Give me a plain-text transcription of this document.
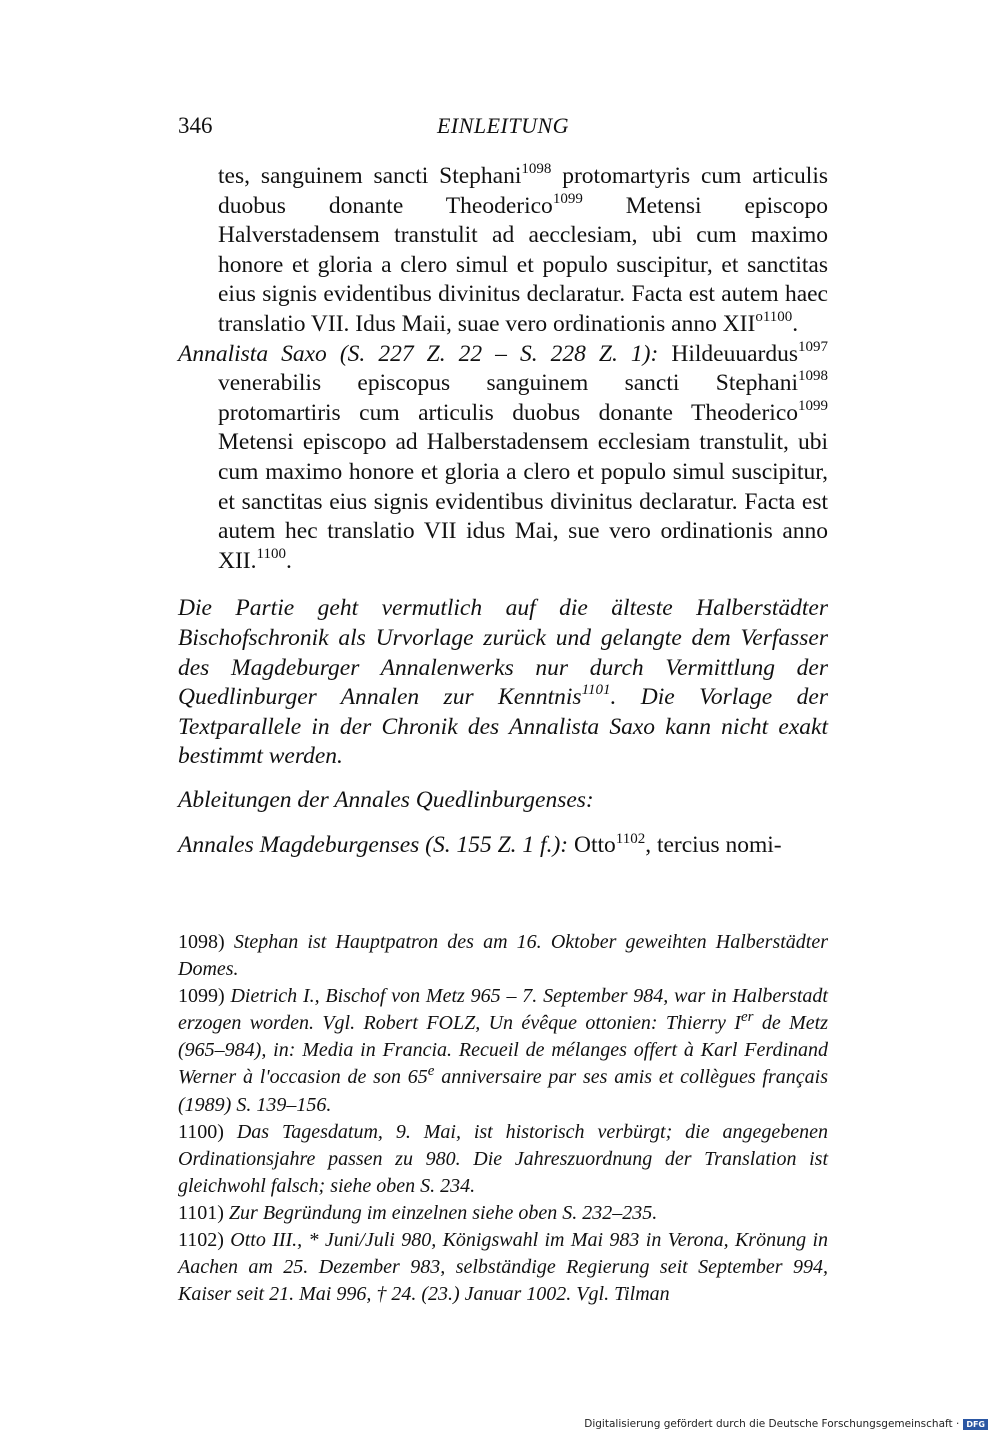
346	EINLEITUNG

tes, sanguinem sancti Stephani$^{1098}$ protomartyris cum articulis duobus donante Theoderico$^{1099}$ Metensi episcopo Halverstadensem transtulit ad aecclesiam, ubi cum maximo honore et gloria a clero simul et populo suscipitur, et sanctitas eius signis evidentibus divinitus declaratur. Facta est autem haec translatio VII. Idus Maii, suae vero ordinationis anno $XII^{o1100}$.

Annalista Saxo (S. 227 Z. 22 – S. 228 Z. 1): Hildeuuardus$^{1097}$ venerabilis episcopus sanguinem sancti Stephani$^{1098}$ protomartiris cum articulis duobus donante Theoderico$^{1099}$ Metensi episcopo ad Halberstadensem ecclesiam transtulit, ubi cum maximo honore et gloria a clero et populo simul suscipitur, et sanctitas eius signis evidentibus divinitus declaratur. Facta est autem hec translatio VII idus Mai, sue vero ordinationis anno XII.$^{1100}$.

Die Partie geht vermutlich auf die älteste Halberstädter Bischofschronik als Urvorlage zurück und gelangte dem Verfasser des Magdeburger Annalenwerks nur durch Vermittlung der Quedlinburger Annalen zur Kenntnis$^{1101}$. Die Vorlage der Textparallele in der Chronik des Annalista Saxo kann nicht exakt bestimmt werden.

Ableitungen der Annales Quedlinburgenses:

Annales Magdeburgenses (S. 155 Z. 1 f.): Otto$^{1102}$, tercius nomi-

1098) Stephan ist Hauptpatron des am 16. Oktober geweihten Halberstädter Domes.

1099) Dietrich I., Bischof von Metz 965 – 7. September 984, war in Halberstadt erzogen worden. Vgl. Robert FOLZ, Un évêque ottonien: Thierry Ier de Metz (965–984), in: Media in Francia. Recueil de mélanges offert à Karl Ferdinand Werner à l'occasion de son 65e anniversaire par ses amis et collègues français (1989) S. 139–156.

1100) Das Tagesdatum, 9. Mai, ist historisch verbürgt; die angegebenen Ordinationsjahre passen zu 980. Die Jahreszuordnung der Translation ist gleichwohl falsch; siehe oben S. 234.

1101) Zur Begründung im einzelnen siehe oben S. 232–235.

1102) Otto III., * Juni/Juli 980, Königswahl im Mai 983 in Verona, Krönung in Aachen am 25. Dezember 983, selbständige Regierung seit September 994, Kaiser seit 21. Mai 996, † 24. (23.) Januar 1002. Vgl. Tilman

Digitalisierung gefördert durch die Deutsche Forschungsgemeinschaft · DFG
